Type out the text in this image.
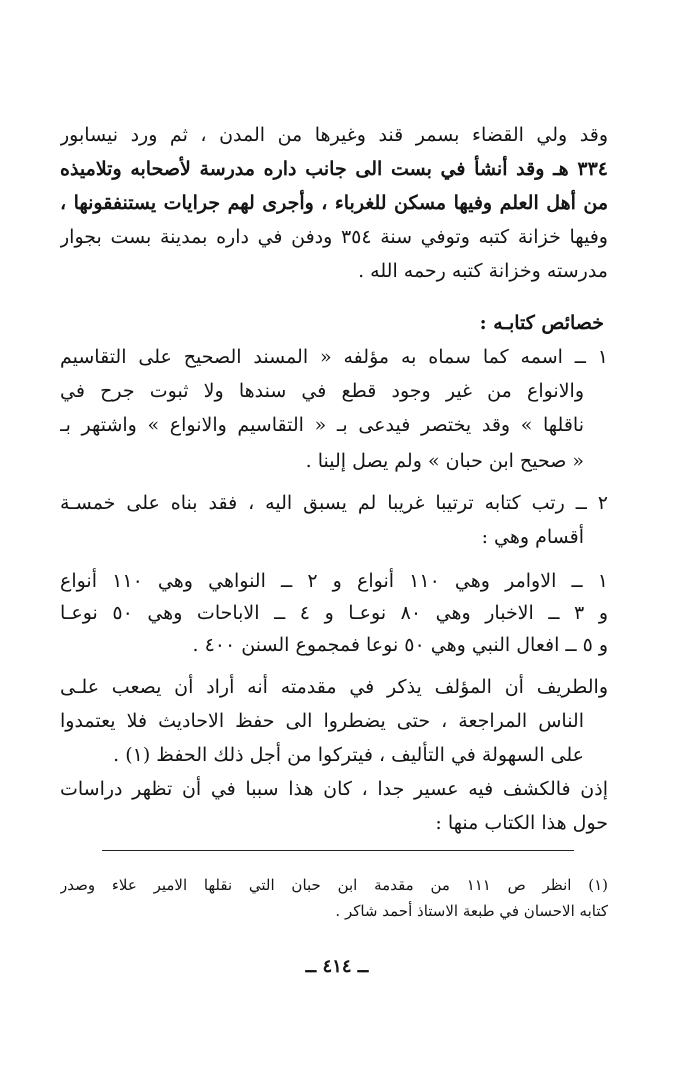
وقد ولي القضاء بسمر قند وغيرها من المدن ، ثم ورد نيسابور
٣٣٤ هـ وقد أنشأ في بست الى جانب داره مدرسة لأصحابه وتلاميذه
من أهل العلم وفيها مسكن للغرباء ، وأجرى لهم جرايات يستنفقونها ،
وفيها خزانة كتبه وتوفي سنة ٣٥٤ ودفن في داره بمدينة بست بجوار
مدرسته وخزانة كتبه رحمه الله .
خصائص كتابـه :
١ ــ اسمه كما سماه به مؤلفه « المسند الصحيح على التقاسيم
والانواع من غير وجود قطع في سندها ولا ثبوت جرح في
ناقلها » وقد يختصر فيدعى بـ « التقاسيم والانواع » واشتهر بـ
« صحيح ابن حبان » ولم يصل إلينا .
٢ ــ رتب كتابه ترتيبا غريبا لم يسبق اليه ، فقد بناه على خمسـة
أقسام وهي :
١ ــ الاوامر وهي ١١٠ أنواع و ٢ ــ النواهي وهي ١١٠ أنواع
و ٣ ــ الاخبار وهي ٨٠ نوعـا و ٤ ــ الاباحات وهي ٥٠ نوعـا
و ٥ ــ افعال النبي وهي ٥٠ نوعا فمجموع السنن ٤٠٠ .
والطريف أن المؤلف يذكر في مقدمته أنه أراد أن يصعب علـى
الناس المراجعة ، حتى يضطروا الى حفظ الاحاديث فلا يعتمدوا
على السهولة في التأليف ، فيتركوا من أجل ذلك الحفظ (١) .
إذن فالكشف فيه عسير جدا ، كان هذا سببا في أن تظهر دراسات
حول هذا الكتاب منها :
(١) انظر ص ١١١ من مقدمة ابن حبان التي نقلها الامير علاء وصدر
كتابه الاحسان في طبعة الاستاذ أحمد شاكر .
ــ ٤١٤ ــ
